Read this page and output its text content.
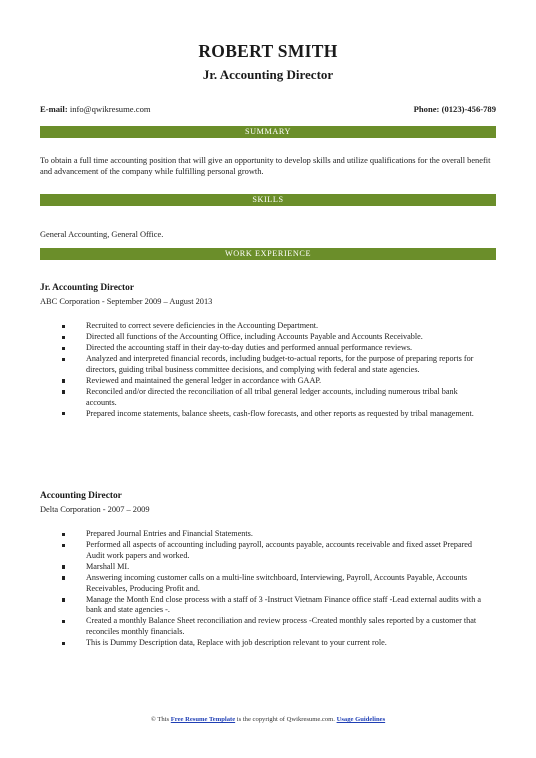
ROBERT SMITH
Jr. Accounting Director
E-mail: info@qwikresume.com	Phone: (0123)-456-789
SUMMARY
To obtain a full time accounting position that will give an opportunity to develop skills and utilize qualifications for the overall benefit and advancement of the company while fulfilling personal growth.
SKILLS
General Accounting, General Office.
WORK EXPERIENCE
Jr. Accounting Director
ABC Corporation - September 2009 – August 2013
Recruited to correct severe deficiencies in the Accounting Department.
Directed all functions of the Accounting Office, including Accounts Payable and Accounts Receivable.
Directed the accounting staff in their day-to-day duties and performed annual performance reviews.
Analyzed and interpreted financial records, including budget-to-actual reports, for the purpose of preparing reports for directors, guiding tribal business committee decisions, and complying with federal and state agencies.
Reviewed and maintained the general ledger in accordance with GAAP.
Reconciled and/or directed the reconciliation of all tribal general ledger accounts, including numerous tribal bank accounts.
Prepared income statements, balance sheets, cash-flow forecasts, and other reports as requested by tribal management.
Accounting Director
Delta Corporation - 2007 – 2009
Prepared Journal Entries and Financial Statements.
Performed all aspects of accounting including payroll, accounts payable, accounts receivable and fixed asset Prepared Audit work papers and worked.
Marshall MI.
Answering incoming customer calls on a multi-line switchboard, Interviewing, Payroll, Accounts Payable, Accounts Receivables, Producing Profit and.
Manage the Month End close process with a staff of 3 -Instruct Vietnam Finance office staff -Lead external audits with a bank and state agencies -.
Created a monthly Balance Sheet reconciliation and review process -Created monthly sales reported by a customer that reconciles monthly financials.
This is Dummy Description data, Replace with job description relevant to your current role.
© This Free Resume Template is the copyright of Qwikresume.com. Usage Guidelines
